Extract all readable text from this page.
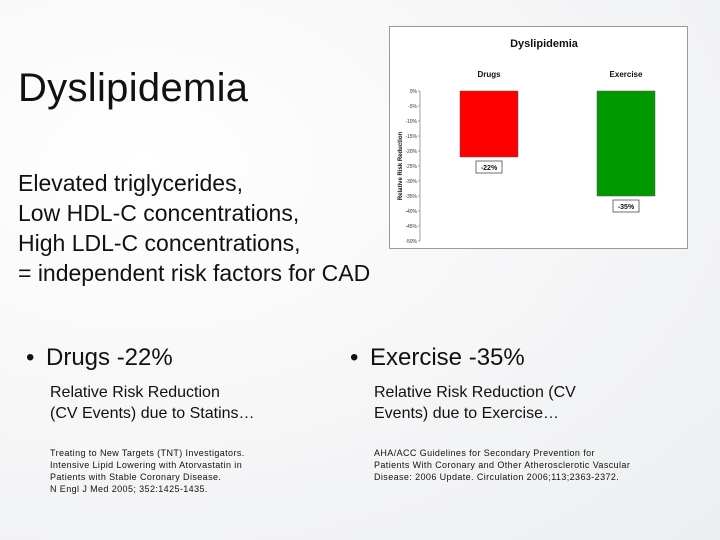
Dyslipidemia
Elevated triglycerides,
Low HDL-C concentrations,
High LDL-C concentrations,
= independent risk factors for CAD
Dyslipidemia
Relative Risk Reduction
0%
-5%
-10%
-15%
-20%
-25%
-30%
-35%
-40%
-45%
-50%
Drugs
-22%
Exercise
-35%
• Drugs -22%
Relative Risk Reduction
(CV Events) due to Statins…
Treating to New Targets (TNT) Investigators.
Intensive Lipid Lowering with Atorvastatin in
Patients with Stable Coronary Disease.
N Engl J Med 2005; 352:1425-1435.
• Exercise -35%
Relative Risk Reduction (CV
Events) due to Exercise…
AHA/ACC Guidelines for Secondary Prevention for
Patients With Coronary and Other Atherosclerotic Vascular
Disease: 2006 Update. Circulation 2006;113;2363-2372.
